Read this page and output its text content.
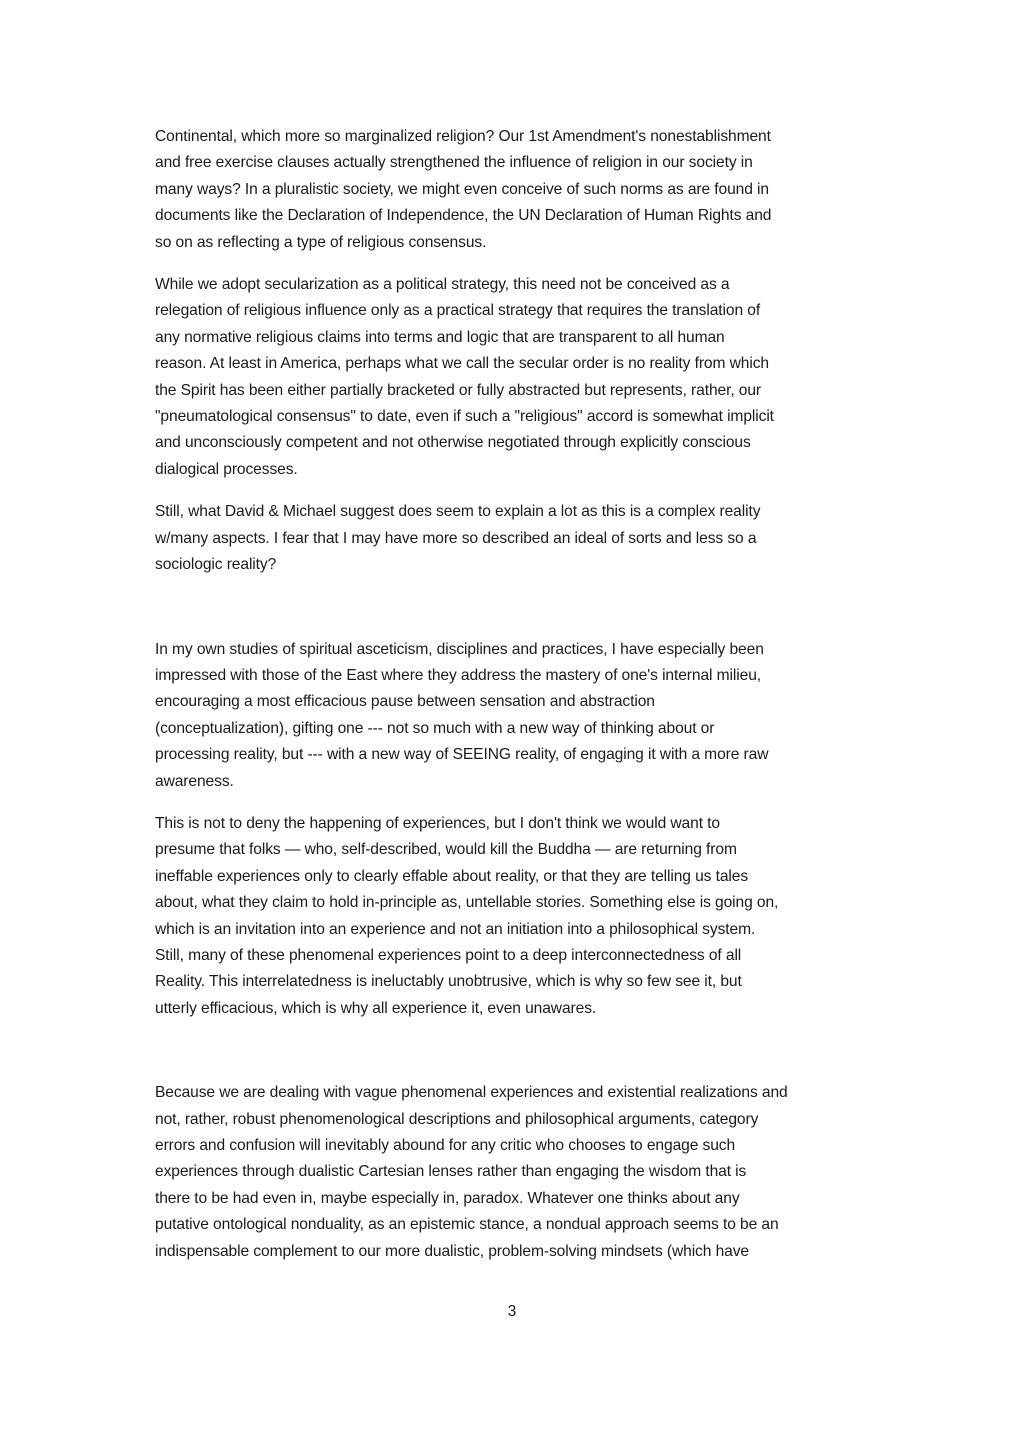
Continental, which more so marginalized religion? Our 1st Amendment's nonestablishment
and free exercise clauses actually strengthened the influence of religion in our society in
many ways? In a pluralistic society, we might even conceive of such norms as are found in
documents like the Declaration of Independence, the UN Declaration of Human Rights and
so on as reflecting a type of religious consensus.

While we adopt secularization as a political strategy, this need not be conceived as a
relegation of religious influence only as a practical strategy that requires the translation of
any normative religious claims into terms and logic that are transparent to all human
reason. At least in America, perhaps what we call the secular order is no reality from which
the Spirit has been either partially bracketed or fully abstracted but represents, rather, our
"pneumatological consensus" to date, even if such a "religious" accord is somewhat implicit
and unconsciously competent and not otherwise negotiated through explicitly conscious
dialogical processes.

Still, what David & Michael suggest does seem to explain a lot as this is a complex reality
w/many aspects. I fear that I may have more so described an ideal of sorts and less so a
sociologic reality?

In my own studies of spiritual asceticism, disciplines and practices, I have especially been
impressed with those of the East where they address the mastery of one's internal milieu,
encouraging a most efficacious pause between sensation and abstraction
(conceptualization), gifting one --- not so much with a new way of thinking about or
processing reality, but --- with a new way of SEEING reality, of engaging it with a more raw
awareness.

This is not to deny the happening of experiences, but I don't think we would want to
presume that folks — who, self-described, would kill the Buddha — are returning from
ineffable experiences only to clearly effable about reality, or that they are telling us tales
about, what they claim to hold in-principle as, untellable stories. Something else is going on,
which is an invitation into an experience and not an initiation into a philosophical system.
Still, many of these phenomenal experiences point to a deep interconnectedness of all
Reality. This interrelatedness is ineluctably unobtrusive, which is why so few see it, but
utterly efficacious, which is why all experience it, even unawares.

Because we are dealing with vague phenomenal experiences and existential realizations and
not, rather, robust phenomenological descriptions and philosophical arguments, category
errors and confusion will inevitably abound for any critic who chooses to engage such
experiences through dualistic Cartesian lenses rather than engaging the wisdom that is
there to be had even in, maybe especially in, paradox. Whatever one thinks about any
putative ontological nonduality, as an epistemic stance, a nondual approach seems to be an
indispensable complement to our more dualistic, problem-solving mindsets (which have

3
